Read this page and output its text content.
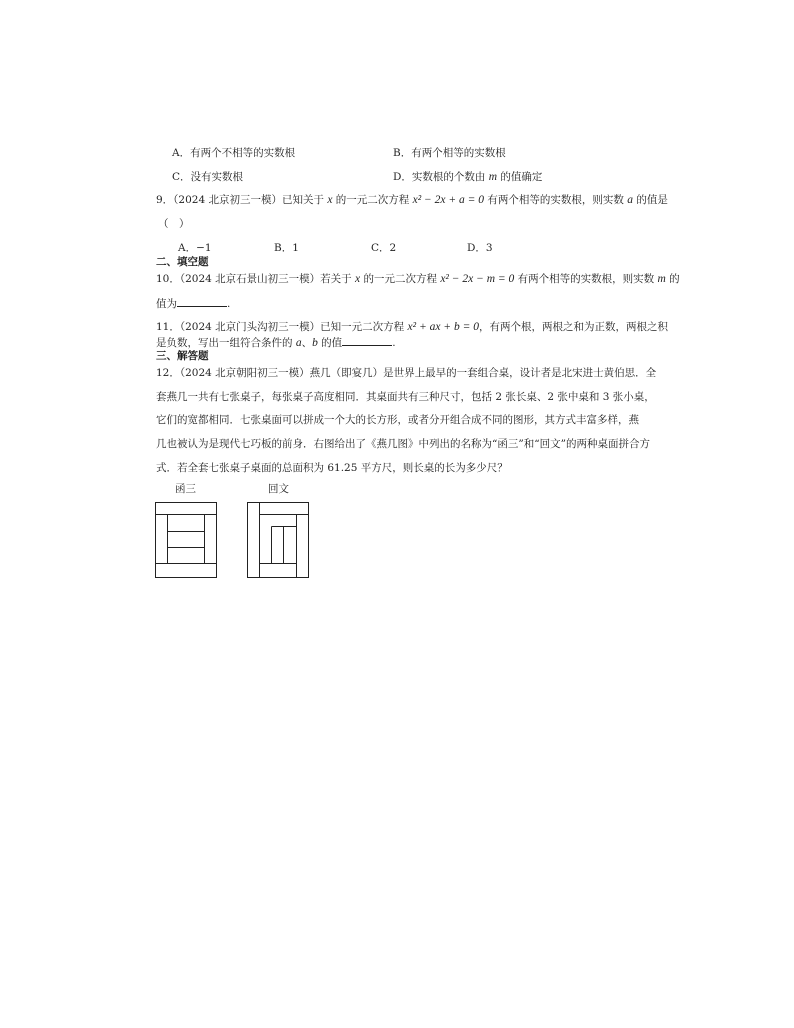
A．有两个不相等的实数根	B．有两个相等的实数根
C．没有实数根	D．实数根的个数由 m 的值确定
9．（2024 北京初三一模）已知关于 x 的一元二次方程 x² − 2x + a = 0 有两个相等的实数根，则实数 a 的值是
（　）
A．−1	B．1	C．2	D．3
二、填空题
10．（2024 北京石景山初三一模）若关于 x 的一元二次方程 x² − 2x − m = 0 有两个相等的实数根，则实数 m 的
值为	.
11．（2024 北京门头沟初三一模）已知一元二次方程 x² + ax + b = 0，有两个根，两根之和为正数，两根之积
是负数，写出一组符合条件的 a、b 的值	.
三、解答题
12．（2024 北京朝阳初三一模）燕几（即宴几）是世界上最早的一套组合桌，设计者是北宋进士黄伯思．全
套燕几一共有七张桌子，每张桌子高度相同．其桌面共有三种尺寸，包括 2 张长桌、2 张中桌和 3 张小桌，
它们的宽都相同．七张桌面可以拼成一个大的长方形，或者分开组合成不同的图形，其方式丰富多样，燕
几也被认为是现代七巧板的前身．右图给出了《燕几图》中列出的名称为“函三”和“回文”的两种桌面拼合方
式．若全套七张桌子桌面的总面积为 61.25 平方尺，则长桌的长为多少尺？
函三	回文
